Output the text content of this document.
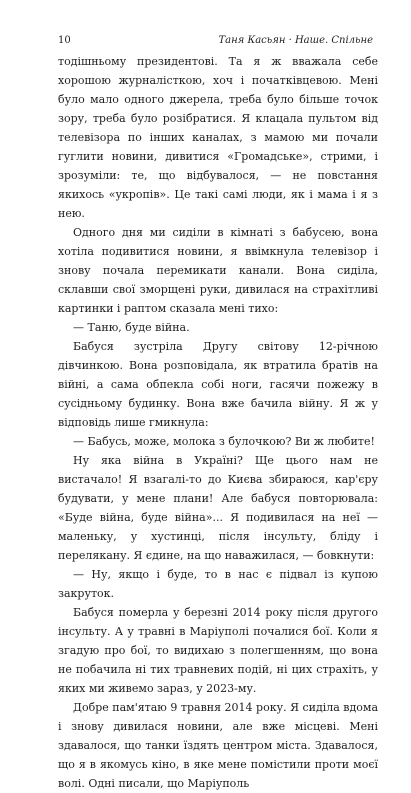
10	Таня Касьян · Наше. Спільне

тодішньому президентові. Та я ж вважала себе хорошою журналісткою, хоч і початківцевою. Мені було мало одного джерела, треба було більше точок зору, треба було розібратися. Я клацала пультом від телевізора по інших каналах, з мамою ми почали гуглити новини, дивитися «Громадське», стрими, і зрозуміли: те, що відбувалося, — не повстання якихось «укропів». Це такі самі люди, як і мама і я з нею.

Одного дня ми сиділи в кімнаті з бабусею, вона хотіла подивитися новини, я ввімкнула телевізор і знову почала перемикати канали. Вона сиділа, склавши свої зморщені руки, дивилася на страхітливі картинки і раптом сказала мені тихо:

— Таню, буде війна.

Бабуся зустріла Другу світову 12-річною дівчинкою. Вона розповідала, як втратила братів на війні, а сама обпекла собі ноги, гасячи пожежу в сусідньому будинку. Вона вже бачила війну. Я ж у відповідь лише гмикнула:

— Бабусь, може, молока з булочкою? Ви ж любите!

Ну яка війна в Україні? Ще цього нам не вистачало! Я взагалі-то до Києва збираюся, кар'єру будувати, у мене плани! Але бабуся повторювала: «Буде війна, буде війна»... Я подивилася на неї — маленьку, у хустинці, після інсульту, бліду і перелякану. Я єдине, на що наважилася, — бовкнути:

— Ну, якщо і буде, то в нас є підвал із купою закруток.

Бабуся померла у березні 2014 року після другого інсульту. А у травні в Маріуполі почалися бої. Коли я згадую про бої, то видихаю з полегшенням, що вона не побачила ні тих травневих подій, ні цих страхіть, у яких ми живемо зараз, у 2023-му.

Добре пам'ятаю 9 травня 2014 року. Я сиділа вдома і знову дивилася новини, але вже місцеві. Мені здавалося, що танки їздять центром міста. Здавалося, що я в якомусь кіно, в яке мене помістили проти моєї волі. Одні писали, що Маріуполь
